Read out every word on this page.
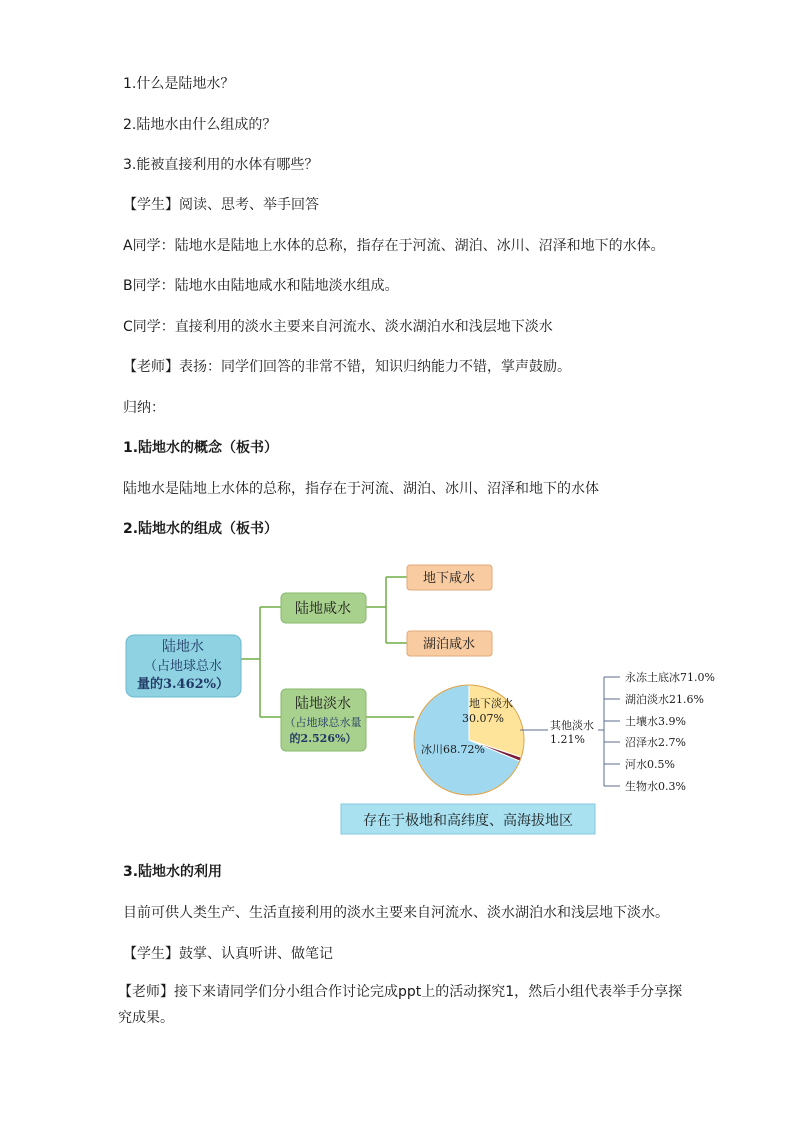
1.什么是陆地水？
2.陆地水由什么组成的？
3.能被直接利用的水体有哪些？
【学生】阅读、思考、举手回答
A同学：陆地水是陆地上水体的总称，指存在于河流、湖泊、冰川、沼泽和地下的水体。
B同学：陆地水由陆地咸水和陆地淡水组成。
C同学：直接利用的淡水主要来自河流水、淡水湖泊水和浅层地下淡水
【老师】表扬：同学们回答的非常不错，知识归纳能力不错，掌声鼓励。
归纳：
1.陆地水的概念（板书）
陆地水是陆地上水体的总称，指存在于河流、湖泊、冰川、沼泽和地下的水体
2.陆地水的组成（板书）
陆地水
（占地球总水
量的3.462%）
陆地咸水
地下咸水
湖泊咸水
陆地淡水
（占地球总水量
的2.526%）
地下淡水
30.07%
冰川68.72%
其他淡水
1.21%
永冻土底冰71.0%
湖泊淡水21.6%
土壤水3.9%
沼泽水2.7%
河水0.5%
生物水0.3%
存在于极地和高纬度、高海拔地区
3.陆地水的利用
目前可供人类生产、生活直接利用的淡水主要来自河流水、淡水湖泊水和浅层地下淡水。
【学生】鼓掌、认真听讲、做笔记
【老师】接下来请同学们分小组合作讨论完成ppt上的活动探究1，然后小组代表举手分享探究成果。
